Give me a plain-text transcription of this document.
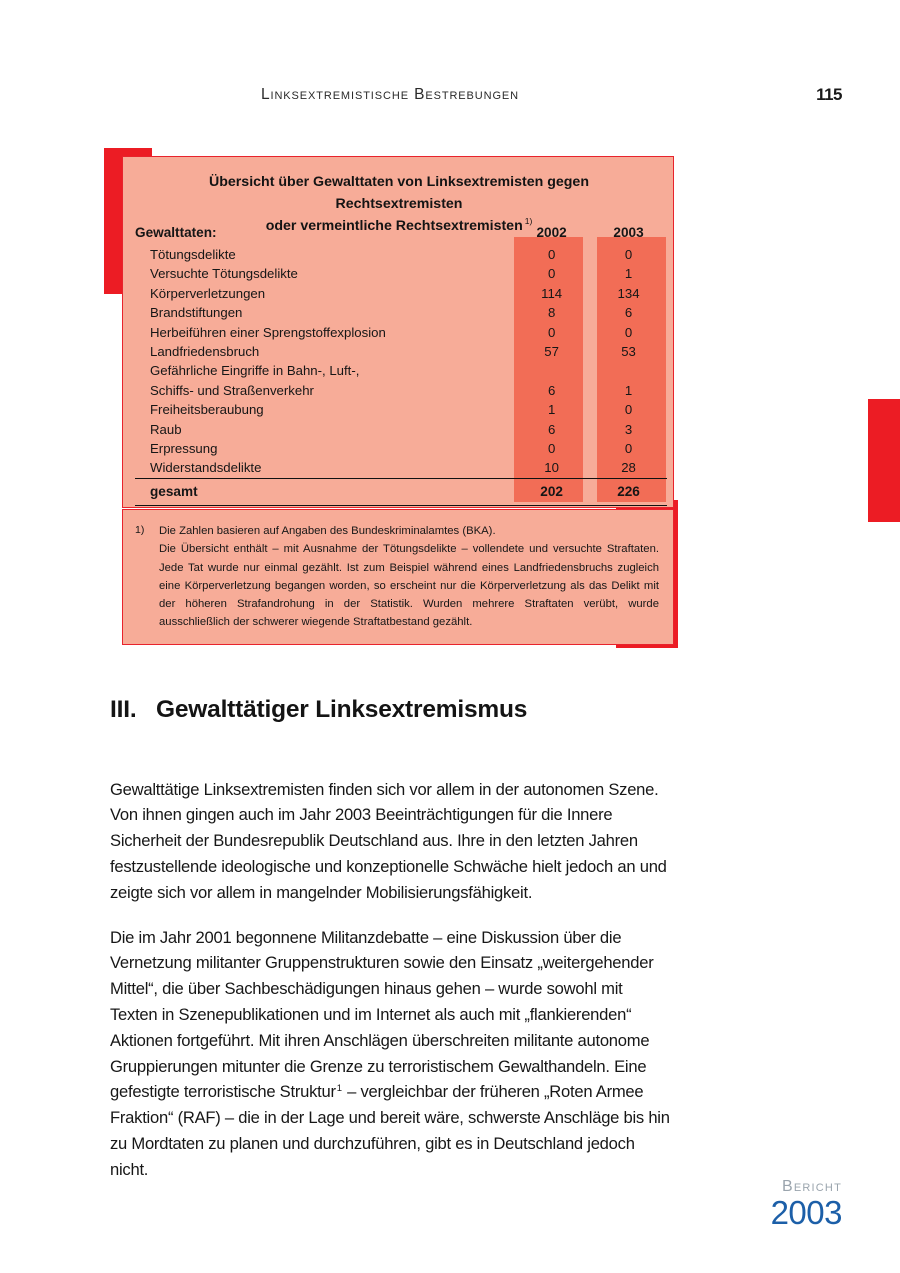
Linksextremistische Bestrebungen	115
Übersicht über Gewalttaten von Linksextremisten gegen Rechtsextremisten
oder vermeintliche Rechtsextremisten $^{1)}$
Gewalttaten:	2002	2003
Tötungsdelikte	0	0
Versuchte Tötungsdelikte	0	1
Körperverletzungen	114	134
Brandstiftungen	8	6
Herbeiführen einer Sprengstoffexplosion	0	0
Landfriedensbruch	57	53
Gefährliche Eingriffe in Bahn-, Luft-,		
Schiffs- und Straßenverkehr	6	1
Freiheitsberaubung	1	0
Raub	6	3
Erpressung	0	0
Widerstandsdelikte	10	28
gesamt	202	226
1)	Die Zahlen basieren auf Angaben des Bundeskriminalamtes (BKA).
Die Übersicht enthält – mit Ausnahme der Tötungsdelikte – vollendete und versuchte Straftaten. Jede Tat wurde nur einmal gezählt. Ist zum Beispiel während eines Landfriedensbruchs zugleich eine Körperverletzung begangen worden, so erscheint nur die Körperverletzung als das Delikt mit der höheren Strafandrohung in der Statistik. Wurden mehrere Straftaten verübt, wurde ausschließlich der schwerer wiegende Straftatbestand gezählt.
III. Gewalttätiger Linksextremismus

Gewalttätige Linksextremisten finden sich vor allem in der autonomen Szene. Von ihnen gingen auch im Jahr 2003 Beeinträchtigungen für die Innere Sicherheit der Bundesrepublik Deutschland aus. Ihre in den letzten Jahren festzustellende ideologische und konzeptionelle Schwäche hielt jedoch an und zeigte sich vor allem in mangelnder Mobilisierungsfähigkeit.

Die im Jahr 2001 begonnene Militanzdebatte – eine Diskussion über die Vernetzung militanter Gruppenstrukturen sowie den Einsatz „weitergehender Mittel“, die über Sachbeschädigungen hinaus gehen – wurde sowohl mit Texten in Szenepublikationen und im Internet als auch mit „flankierenden“ Aktionen fortgeführt. Mit ihren Anschlägen überschreiten militante autonome Gruppierungen mitunter die Grenze zu terroristischem Gewalthandeln. Eine gefestigte terroristische Struktur$^1$ – vergleichbar der früheren „Roten Armee Fraktion“ (RAF) – die in der Lage und bereit wäre, schwerste Anschläge bis hin zu Mordtaten zu planen und durchzuführen, gibt es in Deutschland jedoch nicht.

Bericht
2003
